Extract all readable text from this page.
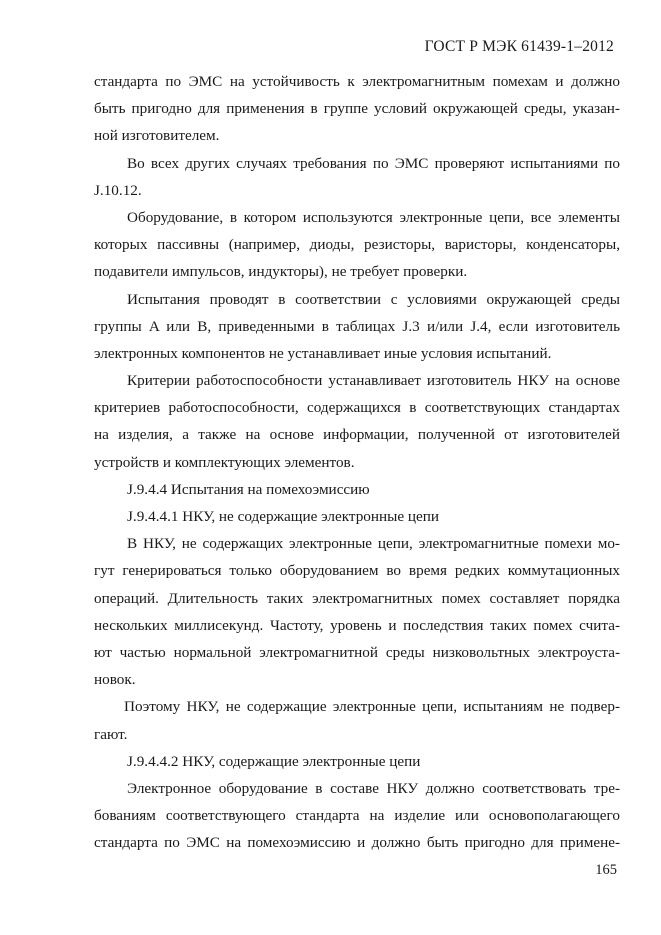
ГОСТ Р МЭК 61439-1–2012
стандарта по ЭМС на устойчивость к электромагнитным помехам и должно
быть пригодно для применения в группе условий окружающей среды, указан-
ной изготовителем.
Во всех других случаях требования по ЭМС проверяют испытаниями по
J.10.12.
Оборудование, в котором используются электронные цепи, все элементы
которых пассивны (например, диоды, резисторы, варисторы, конденсаторы,
подавители импульсов, индукторы), не требует проверки.
Испытания проводят в соответствии с условиями окружающей среды
группы A или B, приведенными в таблицах J.3 и/или J.4, если изготовитель
электронных компонентов не устанавливает иные условия испытаний.
Критерии работоспособности устанавливает изготовитель НКУ на основе
критериев работоспособности, содержащихся в соответствующих стандартах
на изделия, а также на основе информации, полученной от изготовителей
устройств и комплектующих элементов.
J.9.4.4 Испытания на помехоэмиссию
J.9.4.4.1 НКУ, не содержащие электронные цепи
В НКУ, не содержащих электронные цепи, электромагнитные помехи мо-
гут генерироваться только оборудованием во время редких коммутационных
операций. Длительность таких электромагнитных помех составляет порядка
нескольких миллисекунд. Частоту, уровень и последствия таких помех счита-
ют частью нормальной электромагнитной среды низковольтных электроуста-
новок.
Поэтому НКУ, не содержащие электронные цепи, испытаниям не подвер-
гают.
J.9.4.4.2 НКУ, содержащие электронные цепи
Электронное оборудование в составе НКУ должно соответствовать тре-
бованиям соответствующего стандарта на изделие или основополагающего
стандарта по ЭМС на помехоэмиссию и должно быть пригодно для примене-
165
